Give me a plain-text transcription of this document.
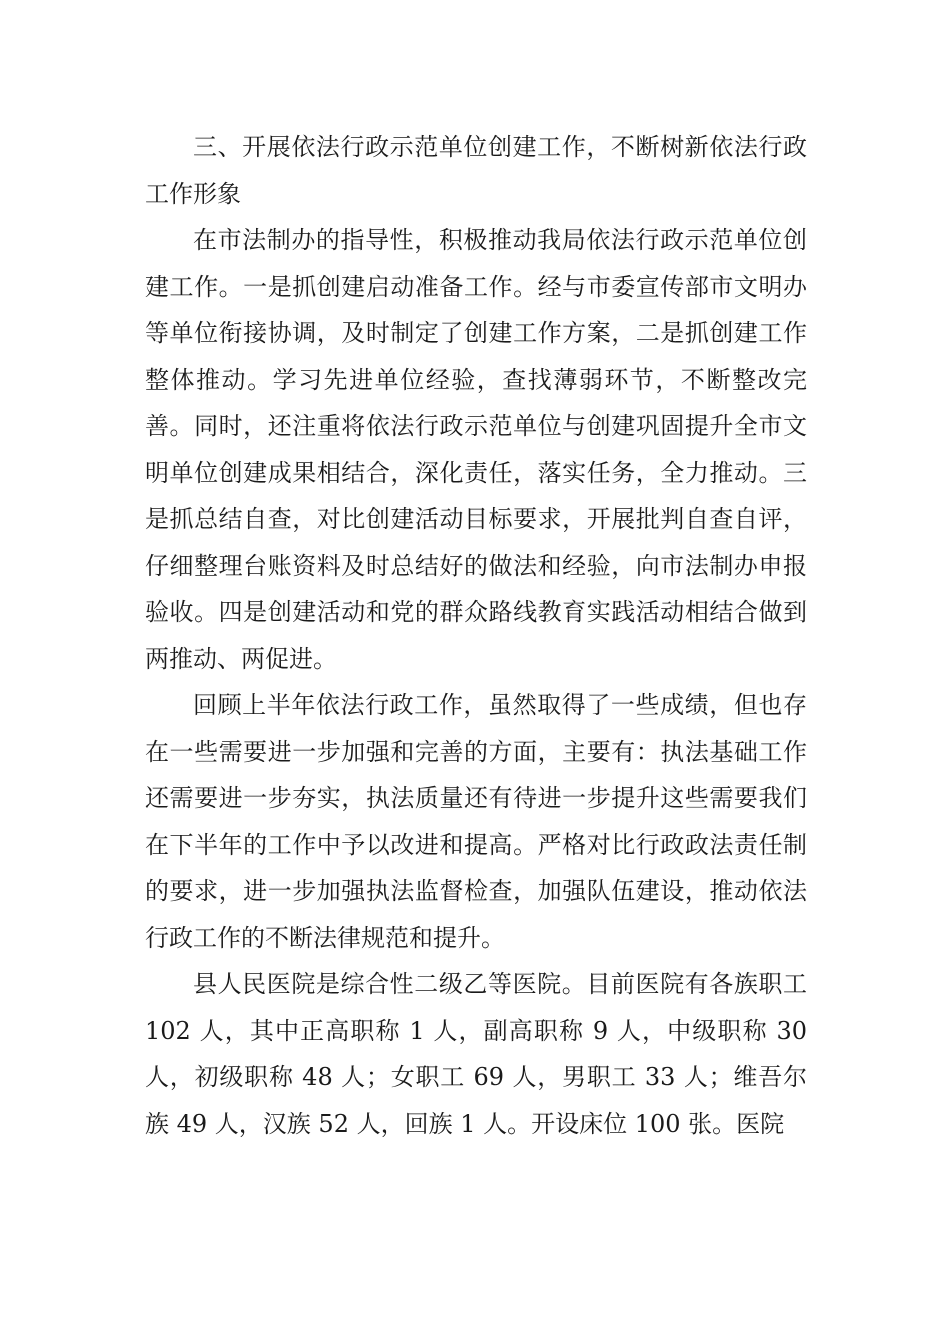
三、开展依法行政示范单位创建工作，不断树新依法行政工作形象

在市法制办的指导性，积极推动我局依法行政示范单位创建工作。一是抓创建启动准备工作。经与市委宣传部市文明办等单位衔接协调，及时制定了创建工作方案，二是抓创建工作整体推动。学习先进单位经验，查找薄弱环节，不断整改完善。同时，还注重将依法行政示范单位与创建巩固提升全市文明单位创建成果相结合，深化责任，落实任务，全力推动。三是抓总结自查，对比创建活动目标要求，开展批判自查自评，仔细整理台账资料及时总结好的做法和经验，向市法制办申报验收。四是创建活动和党的群众路线教育实践活动相结合做到两推动、两促进。

回顾上半年依法行政工作，虽然取得了一些成绩，但也存在一些需要进一步加强和完善的方面，主要有：执法基础工作还需要进一步夯实，执法质量还有待进一步提升这些需要我们在下半年的工作中予以改进和提高。严格对比行政政法责任制的要求，进一步加强执法监督检查，加强队伍建设，推动依法行政工作的不断法律规范和提升。

县人民医院是综合性二级乙等医院。目前医院有各族职工 102 人，其中正高职称 1 人，副高职称 9 人，中级职称 30 人，初级职称 48 人；女职工 69 人，男职工 33 人；维吾尔族 49 人，汉族 52 人，回族 1 人。开设床位 100 张。医院
